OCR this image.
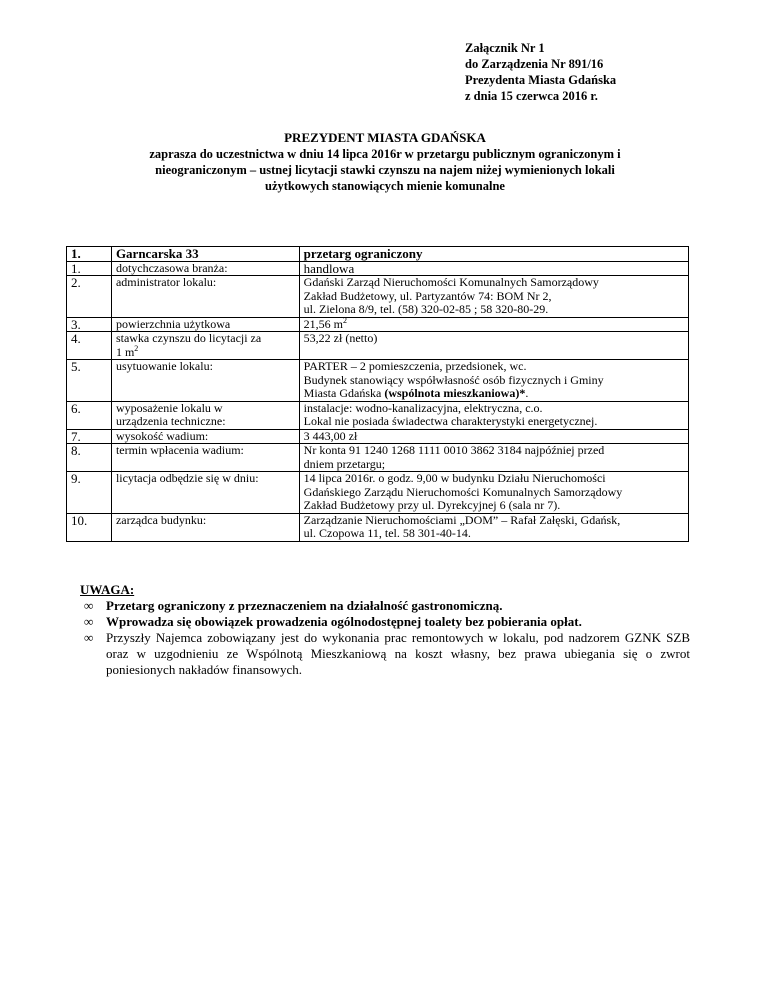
Załącznik Nr 1
do Zarządzenia Nr 891/16
Prezydenta Miasta Gdańska
z dnia 15 czerwca 2016 r.
PREZYDENT MIASTA GDAŃSKA
zaprasza do uczestnictwa w dniu 14 lipca 2016r w przetargu publicznym ograniczonym i
nieograniczonym – ustnej licytacji stawki czynszu na najem niżej wymienionych lokali
użytkowych stanowiących mienie komunalne
1.	Garncarska 33	przetarg ograniczony
1.	dotychczasowa branża:	handlowa
2.	administrator lokalu:	Gdański Zarząd Nieruchomości Komunalnych Samorządowy
Zakład Budżetowy, ul. Partyzantów 74: BOM Nr 2,
ul. Zielona 8/9, tel. (58) 320-02-85 ; 58 320-80-29.

3.	powierzchnia użytkowa	21,56 $m^2$
4.	stawka czynszu do licytacji za
1 $m^2$	53,22 zł (netto)
5.	usytuowanie lokalu:	PARTER – 2 pomieszczenia, przedsionek, wc.
Budynek stanowiący współwłasność osób fizycznych i Gminy
Miasta Gdańska (wspólnota mieszkaniowa)*.

6.	wyposażenie lokalu w
urządzenia techniczne:	instalacje: wodno-kanalizacyjna, elektryczna, c.o.
Lokal nie posiada świadectwa charakterystyki energetycznej.

7.	wysokość wadium:	3 443,00 zł
8.	termin wpłacenia wadium:	Nr konta 91 1240 1268 1111 0010 3862 3184 najpóźniej przed
dniem przetargu;

9.	licytacja odbędzie się w dniu:	14 lipca 2016r. o godz. 9,00 w budynku Działu Nieruchomości
Gdańskiego Zarządu Nieruchomości Komunalnych Samorządowy
Zakład Budżetowy przy ul. Dyrekcyjnej 6 (sala nr 7).

10.	zarządca budynku:	Zarządzanie Nieruchomościami „DOM” – Rafał Załęski, Gdańsk,
ul. Czopowa 11, tel. 58 301-40-14.
UWAGA:
∞ Przetarg ograniczony z przeznaczeniem na działalność gastronomiczną.
∞ Wprowadza się obowiązek prowadzenia ogólnodostępnej toalety bez pobierania opłat.
∞ Przyszły Najemca zobowiązany jest do wykonania prac remontowych w lokalu, pod nadzorem GZNK SZB oraz w uzgodnieniu ze Wspólnotą Mieszkaniową na koszt własny, bez prawa ubiegania się o zwrot poniesionych nakładów finansowych.
